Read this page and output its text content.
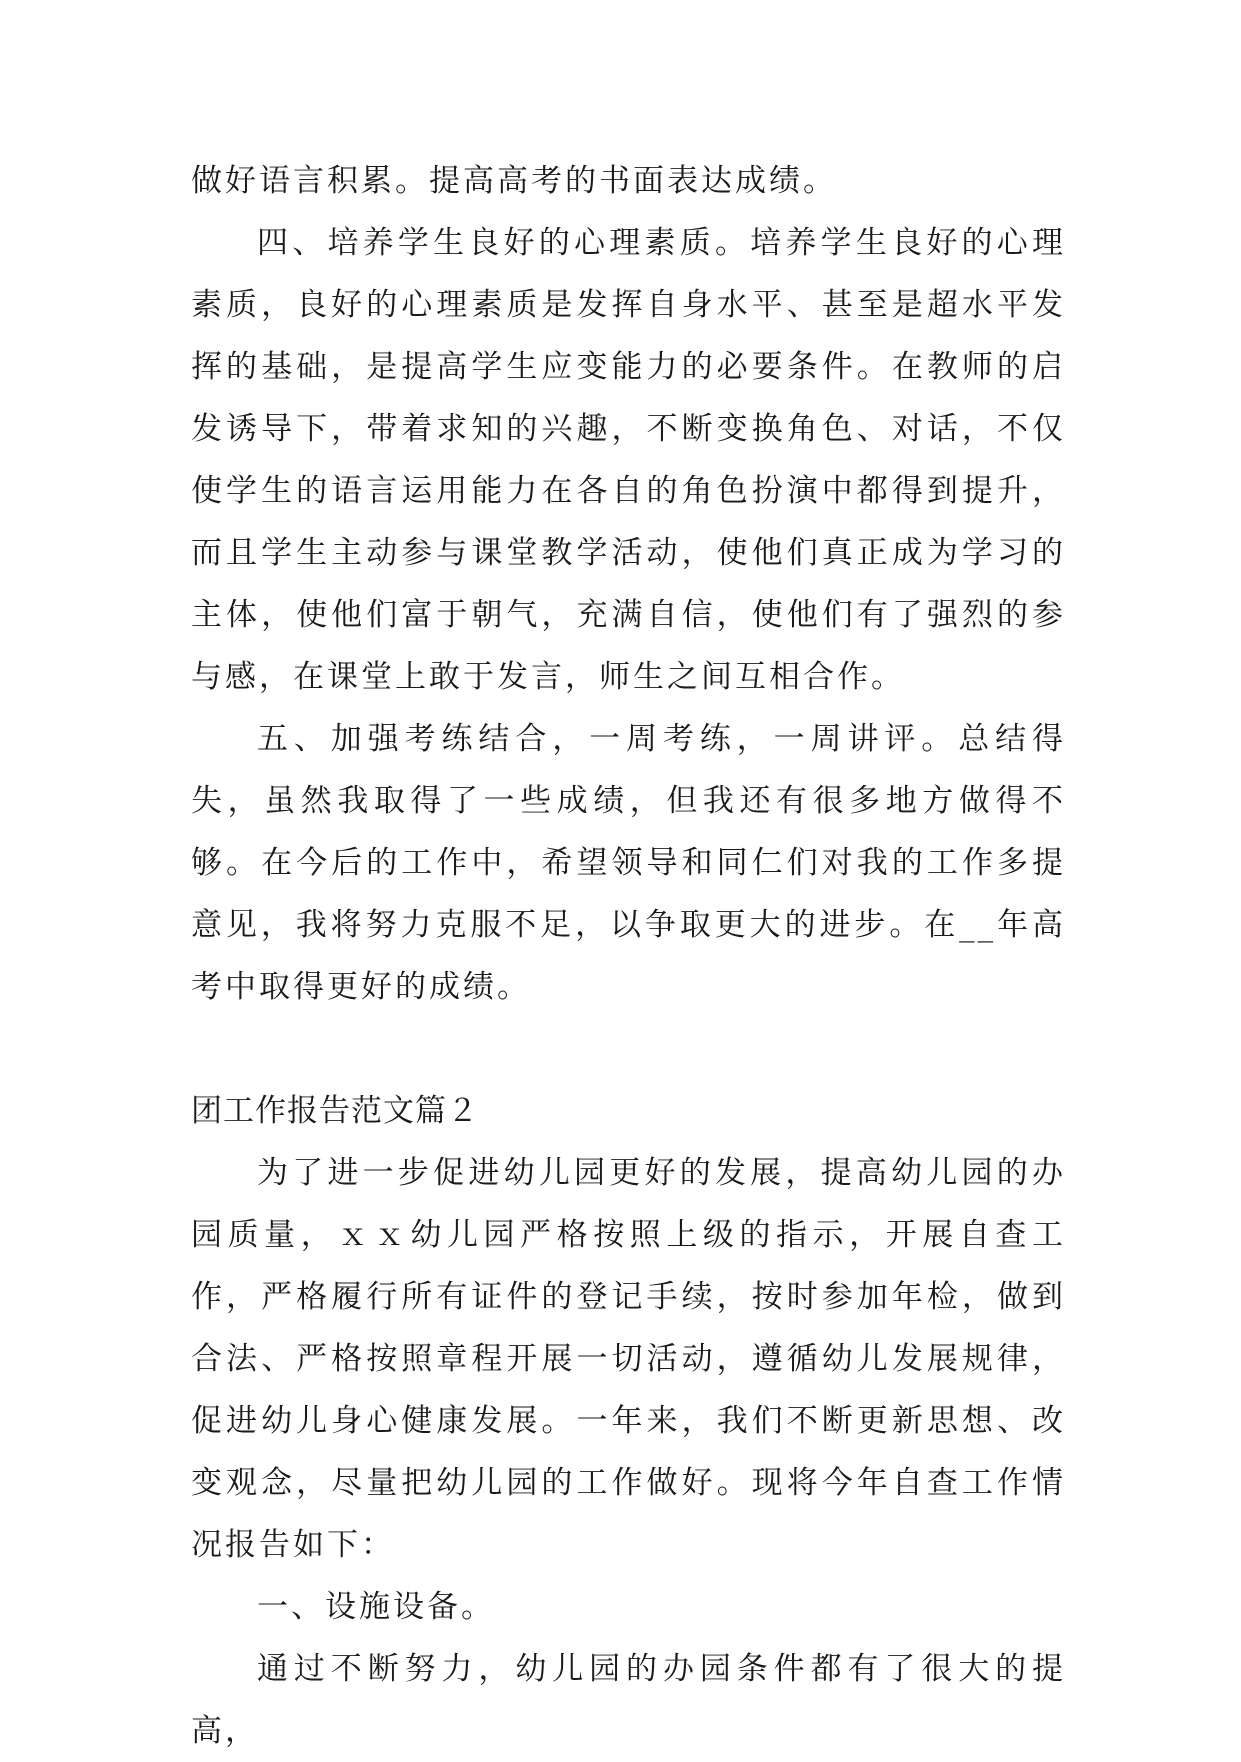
做好语言积累。提高高考的书面表达成绩。

四、培养学生良好的心理素质。培养学生良好的心理素质，良好的心理素质是发挥自身水平、甚至是超水平发挥的基础，是提高学生应变能力的必要条件。在教师的启发诱导下，带着求知的兴趣，不断变换角色、对话，不仅使学生的语言运用能力在各自的角色扮演中都得到提升，而且学生主动参与课堂教学活动，使他们真正成为学习的主体，使他们富于朝气，充满自信，使他们有了强烈的参与感，在课堂上敢于发言，师生之间互相合作。

五、加强考练结合，一周考练，一周讲评。总结得失，虽然我取得了一些成绩，但我还有很多地方做得不够。在今后的工作中，希望领导和同仁们对我的工作多提意见，我将努力克服不足，以争取更大的进步。在__年高考中取得更好的成绩。

团工作报告范文篇２

为了进一步促进幼儿园更好的发展，提高幼儿园的办园质量，ｘｘ幼儿园严格按照上级的指示，开展自查工作，严格履行所有证件的登记手续，按时参加年检，做到合法、严格按照章程开展一切活动，遵循幼儿发展规律，促进幼儿身心健康发展。一年来，我们不断更新思想、改变观念，尽量把幼儿园的工作做好。现将今年自查工作情况报告如下：

一、设施设备。

通过不断努力，幼儿园的办园条件都有了很大的提高，
